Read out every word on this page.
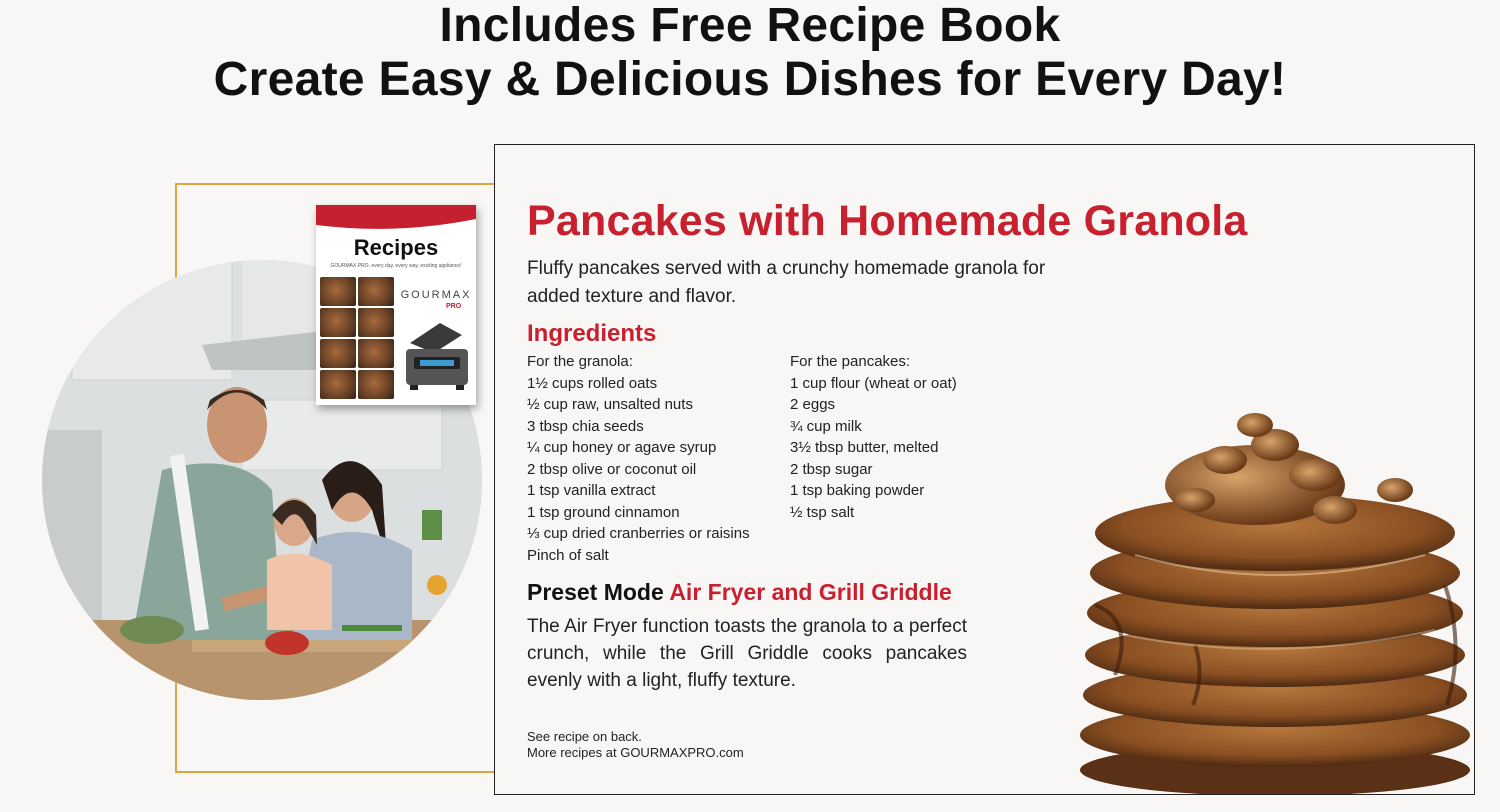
Includes Free Recipe Book
Create Easy & Delicious Dishes for Every Day!
Recipes
GOURMAX PRO, every day, every way, exciting appliance!
GOURMAX
PRO
Pancakes with Homemade Granola
Fluffy pancakes served with a crunchy homemade granola for added texture and flavor.
Ingredients
For the granola:
1½ cups rolled oats
½ cup raw, unsalted nuts
3 tbsp chia seeds
¼ cup honey or agave syrup
2 tbsp olive or coconut oil
1 tsp vanilla extract
1 tsp ground cinnamon
⅓ cup dried cranberries or raisins
Pinch of salt
For the pancakes:
1 cup flour (wheat or oat)
2 eggs
¾ cup milk
3½ tbsp butter, melted
2 tbsp sugar
1 tsp baking powder
½ tsp salt
Preset Mode Air Fryer and Grill Griddle
The Air Fryer function toasts the granola to a perfect crunch, while the Grill Griddle cooks pancakes evenly with a light, fluffy texture.
See recipe on back.
More recipes at GOURMAXPRO.com
